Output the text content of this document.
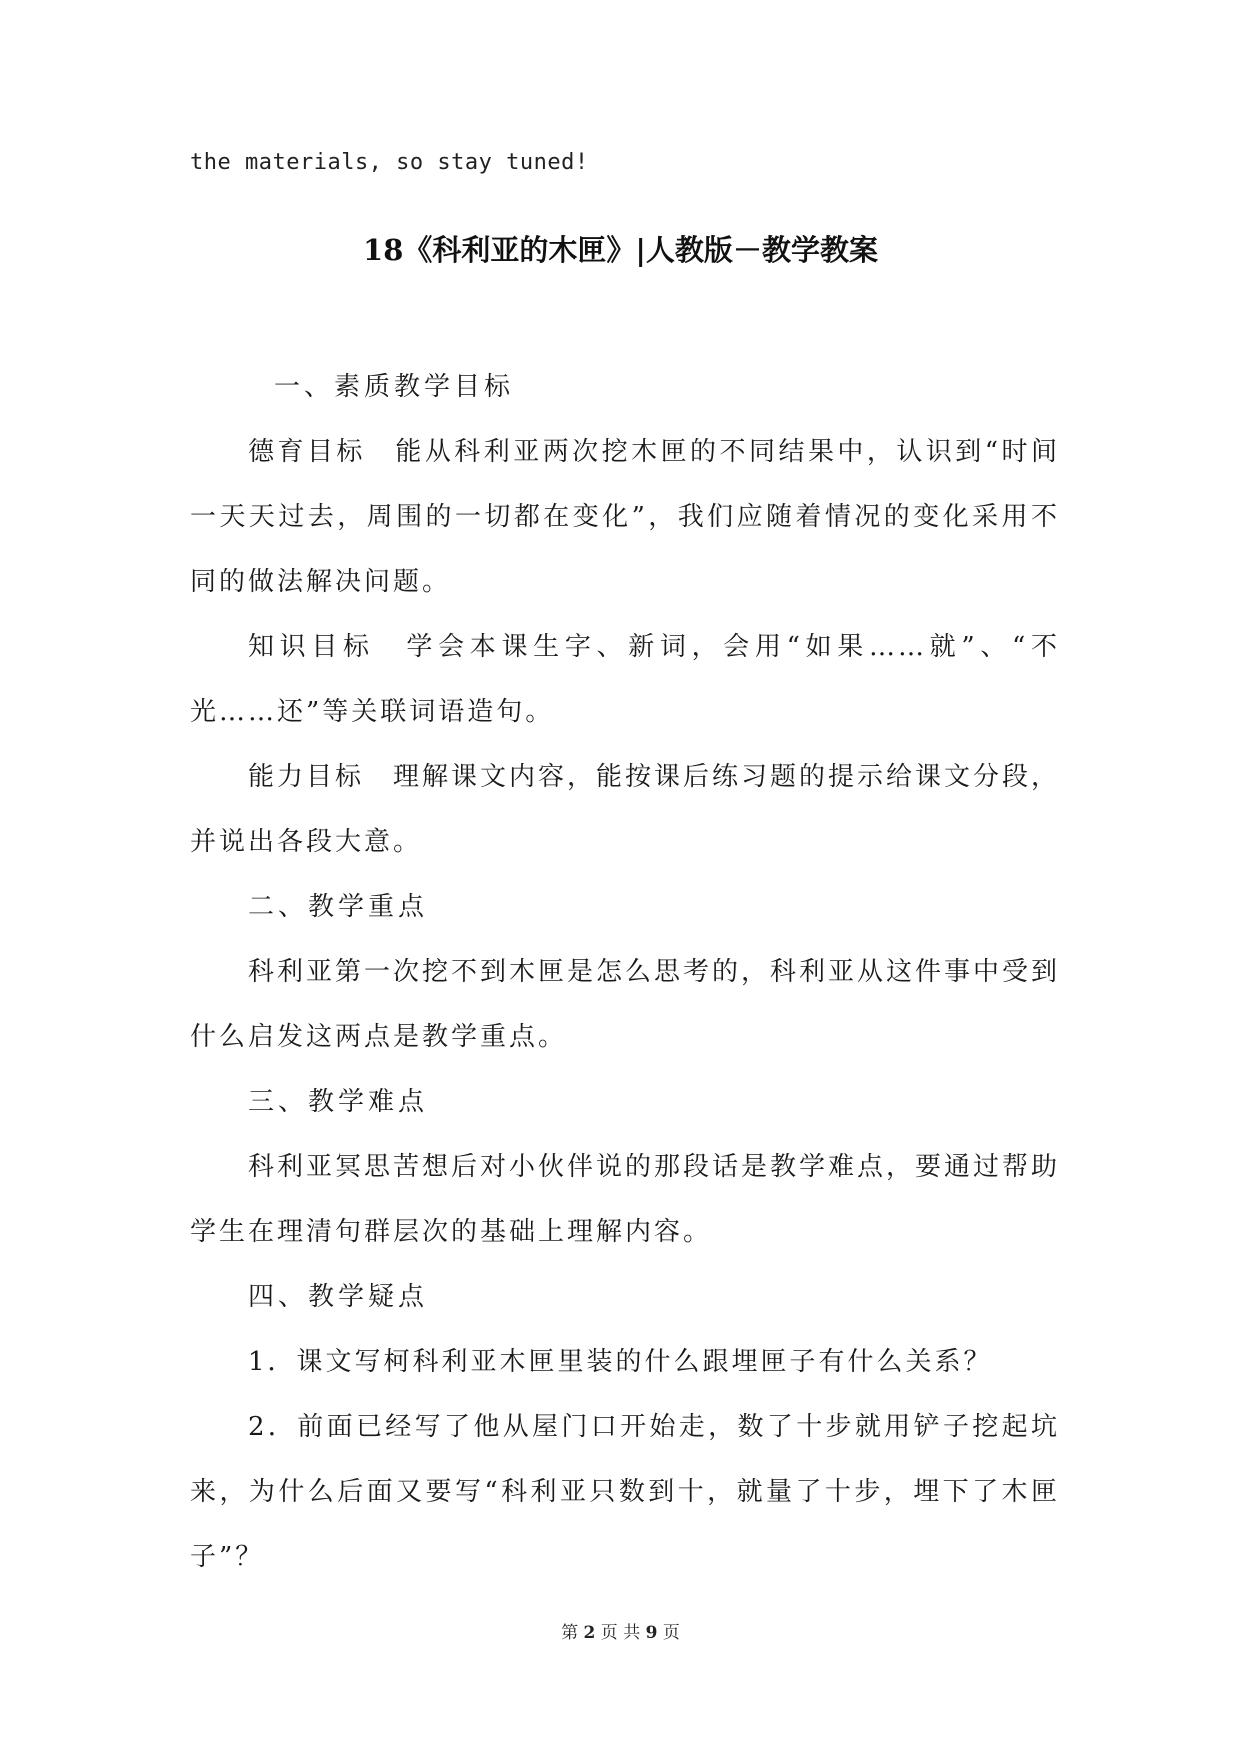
the materials, so stay tuned!
18《科利亚的木匣》|人教版－教学教案

一、素质教学目标

德育目标　能从科利亚两次挖木匣的不同结果中，认识到“时间一天天过去，周围的一切都在变化”，我们应随着情况的变化采用不同的做法解决问题。

知识目标　学会本课生字、新词，会用“如果……就”、“不光……还”等关联词语造句。

能力目标　理解课文内容，能按课后练习题的提示给课文分段，并说出各段大意。

二、教学重点

科利亚第一次挖不到木匣是怎么思考的，科利亚从这件事中受到什么启发这两点是教学重点。

三、教学难点

科利亚冥思苦想后对小伙伴说的那段话是教学难点，要通过帮助学生在理清句群层次的基础上理解内容。

四、教学疑点

1．课文写柯科利亚木匣里装的什么跟埋匣子有什么关系？

2．前面已经写了他从屋门口开始走，数了十步就用铲子挖起坑来，为什么后面又要写“科利亚只数到十，就量了十步，埋下了木匣子”？

第 2 页 共 9 页
